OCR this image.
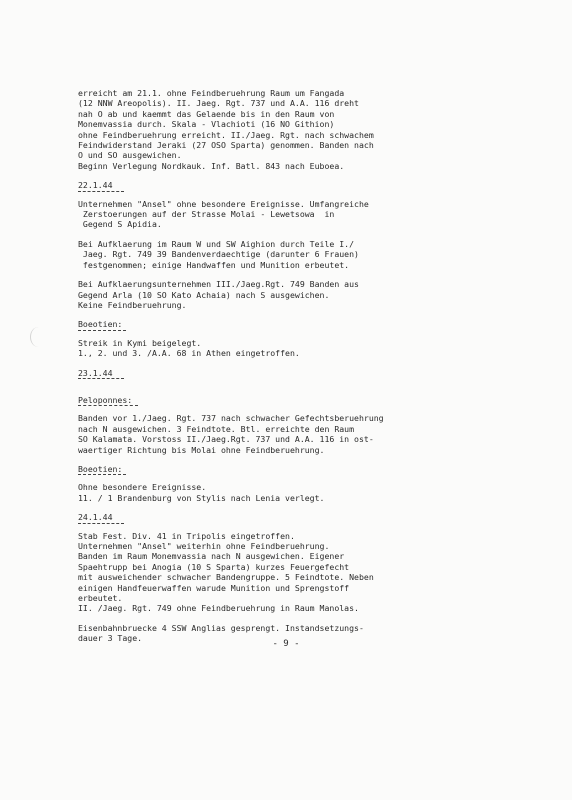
erreicht am 21.1. ohne Feindberuehrung Raum um Fangada
(12 NNW Areopolis). II. Jaeg. Rgt. 737 und A.A. 116 dreht
nah O ab und kaemmt das Gelaende bis in den Raum von
Monemvassia durch. Skala - Vlachioti (16 NO Githion)
ohne Feindberuehrung erreicht. II./Jaeg. Rgt. nach schwachem
Feindwiderstand Jeraki (27 OSO Sparta) genommen. Banden nach
O und SO ausgewichen.
Beginn Verlegung Nordkauk. Inf. Batl. 843 nach Euboea.
22.1.44
Unternehmen "Ansel" ohne besondere Ereignisse. Umfangreiche
Zerstoerungen auf der Strasse Molai - Lewetsowa  in
Gegend S Apidia.
Bei Aufklaerung im Raum W und SW Aighion durch Teile I./
Jaeg. Rgt. 749 39 Bandenverdaechtige (darunter 6 Frauen)
festgenommen; einige Handwaffen und Munition erbeutet.
Bei Aufklaerungsunternehmen III./Jaeg.Rgt. 749 Banden aus
Gegend Arla (10 SO Kato Achaia) nach S ausgewichen.
Keine Feindberuehrung.
Boeotien:
Streik in Kymi beigelegt.
1., 2. und 3. /A.A. 68 in Athen eingetroffen.
23.1.44
Peloponnes:
Banden vor 1./Jaeg. Rgt. 737 nach schwacher Gefechtsberuehrung
nach N ausgewichen. 3 Feindtote. Btl. erreichte den Raum
SO Kalamata. Vorstoss II./Jaeg.Rgt. 737 und A.A. 116 in ost-
waertiger Richtung bis Molai ohne Feindberuehrung.
Boeotien:
Ohne besondere Ereignisse.
11. / 1 Brandenburg von Stylis nach Lenia verlegt.
24.1.44
Stab Fest. Div. 41 in Tripolis eingetroffen.
Unternehmen "Ansel" weiterhin ohne Feindberuehrung.
Banden im Raum Monemvassia nach N ausgewichen. Eigener
Spaehtrupp bei Anogia (10 S Sparta) kurzes Feuergefecht
mit ausweichender schwacher Bandengruppe. 5 Feindtote. Neben
einigen Handfeuerwaffen warude Munition und Sprengstoff
erbeutet.
II. /Jaeg. Rgt. 749 ohne Feindberuehrung in Raum Manolas.
Eisenbahnbruecke 4 SSW Anglias gesprengt. Instandsetzungs-
dauer 3 Tage.
- 9 -
